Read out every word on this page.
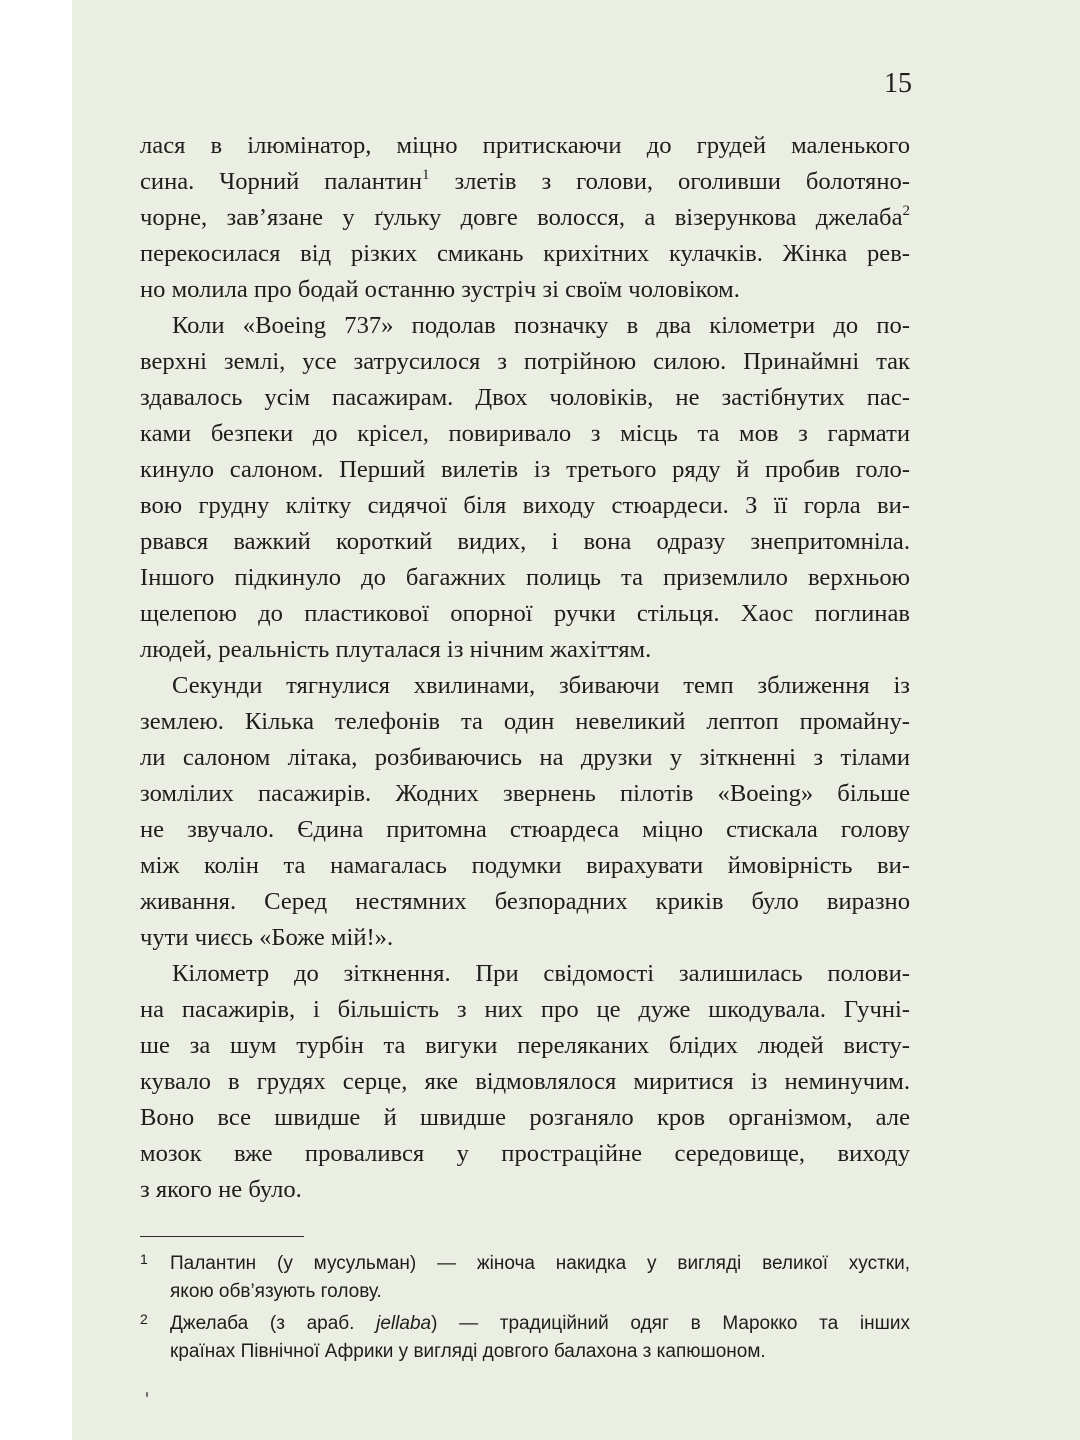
15
лася в ілюмінатор, міцно притискаючи до грудей маленького
сина. Чорний палантин$^1$ злетів з голови, оголивши болотяно-
чорне, зав’язане у ґульку довге волосся, а візерункова джелаба$^2$
перекосилася від різких смикань крихітних кулачків. Жінка рев-
но молила про бодай останню зустріч зі своїм чоловіком.
Коли «Boeing 737» подолав позначку в два кілометри до по-
верхні землі, усе затрусилося з потрійною силою. Принаймні так
здавалось усім пасажирам. Двох чоловіків, не застібнутих пас-
ками безпеки до крісел, повиривало з місць та мов з гармати
кинуло салоном. Перший вилетів із третього ряду й пробив голо-
вою грудну клітку сидячої біля виходу стюардеси. З її горла ви-
рвався важкий короткий видих, і вона одразу знепритомніла.
Іншого підкинуло до багажних полиць та приземлило верхньою
щелепою до пластикової опорної ручки стільця. Хаос поглинав
людей, реальність плуталася із нічним жахіттям.
Секунди тягнулися хвилинами, збиваючи темп зближення із
землею. Кілька телефонів та один невеликий лептоп промайну-
ли салоном літака, розбиваючись на друзки у зіткненні з тілами
зомлілих пасажирів. Жодних звернень пілотів «Boeing» більше
не звучало. Єдина притомна стюардеса міцно стискала голову
між колін та намагалась подумки вирахувати ймовірність ви-
живання. Серед нестямних безпорадних криків було виразно
чути чиєсь «Боже мій!».
Кілометр до зіткнення. При свідомості залишилась полови-
на пасажирів, і більшість з них про це дуже шкодувала. Гучні-
ше за шум турбін та вигуки переляканих блідих людей висту-
кувало в грудях серце, яке відмовлялося миритися із неминучим.
Воно все швидше й швидше розганяло кров організмом, але
мозок вже провалився у простраційне середовище, виходу
з якого не було.
1 Палантин (у мусульман) — жіноча накидка у вигляді великої хустки,
якою обв’язують голову.
2 Джелаба (з араб. jellaba) — традиційний одяг в Марокко та інших
країнах Північної Африки у вигляді довгого балахона з капюшоном.
